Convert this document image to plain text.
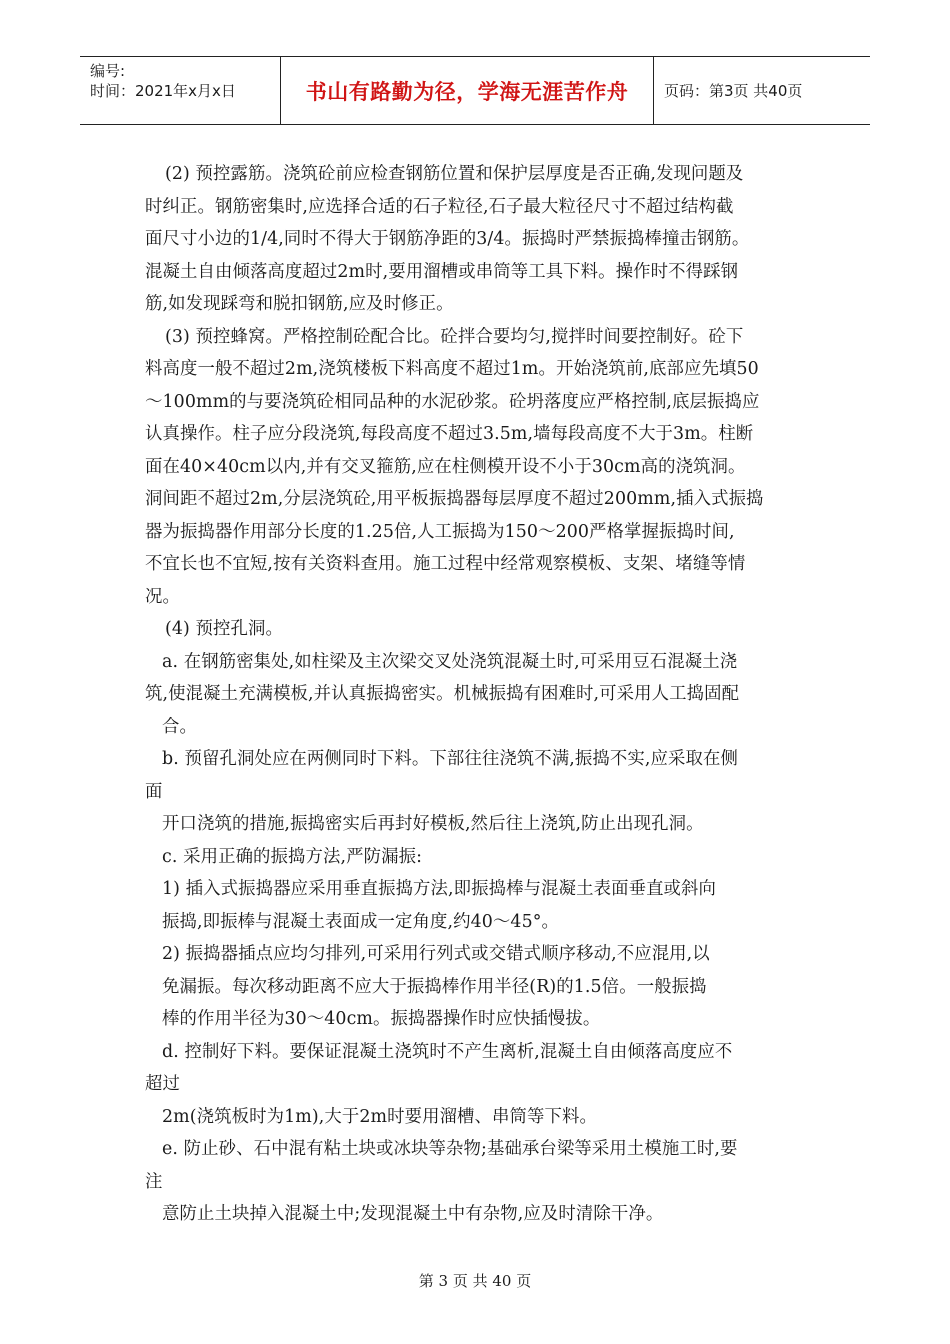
编号:
时间：2021年x月x日	书山有路勤为径，学海无涯苦作舟	页码：第3页 共40页
(2) 预控露筋。浇筑砼前应检查钢筋位置和保护层厚度是否正确,发现问题及
时纠正。钢筋密集时,应选择合适的石子粒径,石子最大粒径尺寸不超过结构截
面尺寸小边的1/4,同时不得大于钢筋净距的3/4。振捣时严禁振捣棒撞击钢筋。
混凝土自由倾落高度超过2m时,要用溜槽或串筒等工具下料。操作时不得踩钢
筋,如发现踩弯和脱扣钢筋,应及时修正。
(3) 预控蜂窝。严格控制砼配合比。砼拌合要均匀,搅拌时间要控制好。砼下
料高度一般不超过2m,浇筑楼板下料高度不超过1m。开始浇筑前,底部应先填50
～100mm的与要浇筑砼相同品种的水泥砂浆。砼坍落度应严格控制,底层振捣应
认真操作。柱子应分段浇筑,每段高度不超过3.5m,墙每段高度不大于3m。柱断
面在40×40cm以内,并有交叉箍筋,应在柱侧模开设不小于30cm高的浇筑洞。
洞间距不超过2m,分层浇筑砼,用平板振捣器每层厚度不超过200mm,插入式振捣
器为振捣器作用部分长度的1.25倍,人工振捣为150～200严格掌握振捣时间,
不宜长也不宜短,按有关资料查用。施工过程中经常观察模板、支架、堵缝等情
况。
(4) 预控孔洞。
a. 在钢筋密集处,如柱梁及主次梁交叉处浇筑混凝土时,可采用豆石混凝土浇
筑,使混凝土充满模板,并认真振捣密实。机械振捣有困难时,可采用人工捣固配
合。
b. 预留孔洞处应在两侧同时下料。下部往往浇筑不满,振捣不实,应采取在侧
面
开口浇筑的措施,振捣密实后再封好模板,然后往上浇筑,防止出现孔洞。
c. 采用正确的振捣方法,严防漏振:
1) 插入式振捣器应采用垂直振捣方法,即振捣棒与混凝土表面垂直或斜向
振捣,即振棒与混凝土表面成一定角度,约40～45°。
2) 振捣器插点应均匀排列,可采用行列式或交错式顺序移动,不应混用,以
免漏振。每次移动距离不应大于振捣棒作用半径(R)的1.5倍。一般振捣
棒的作用半径为30～40cm。振捣器操作时应快插慢拔。
d. 控制好下料。要保证混凝土浇筑时不产生离析,混凝土自由倾落高度应不
超过
2m(浇筑板时为1m),大于2m时要用溜槽、串筒等下料。
e. 防止砂、石中混有粘土块或冰块等杂物;基础承台梁等采用土模施工时,要
注
意防止土块掉入混凝土中;发现混凝土中有杂物,应及时清除干净。
第 3 页 共 40 页
